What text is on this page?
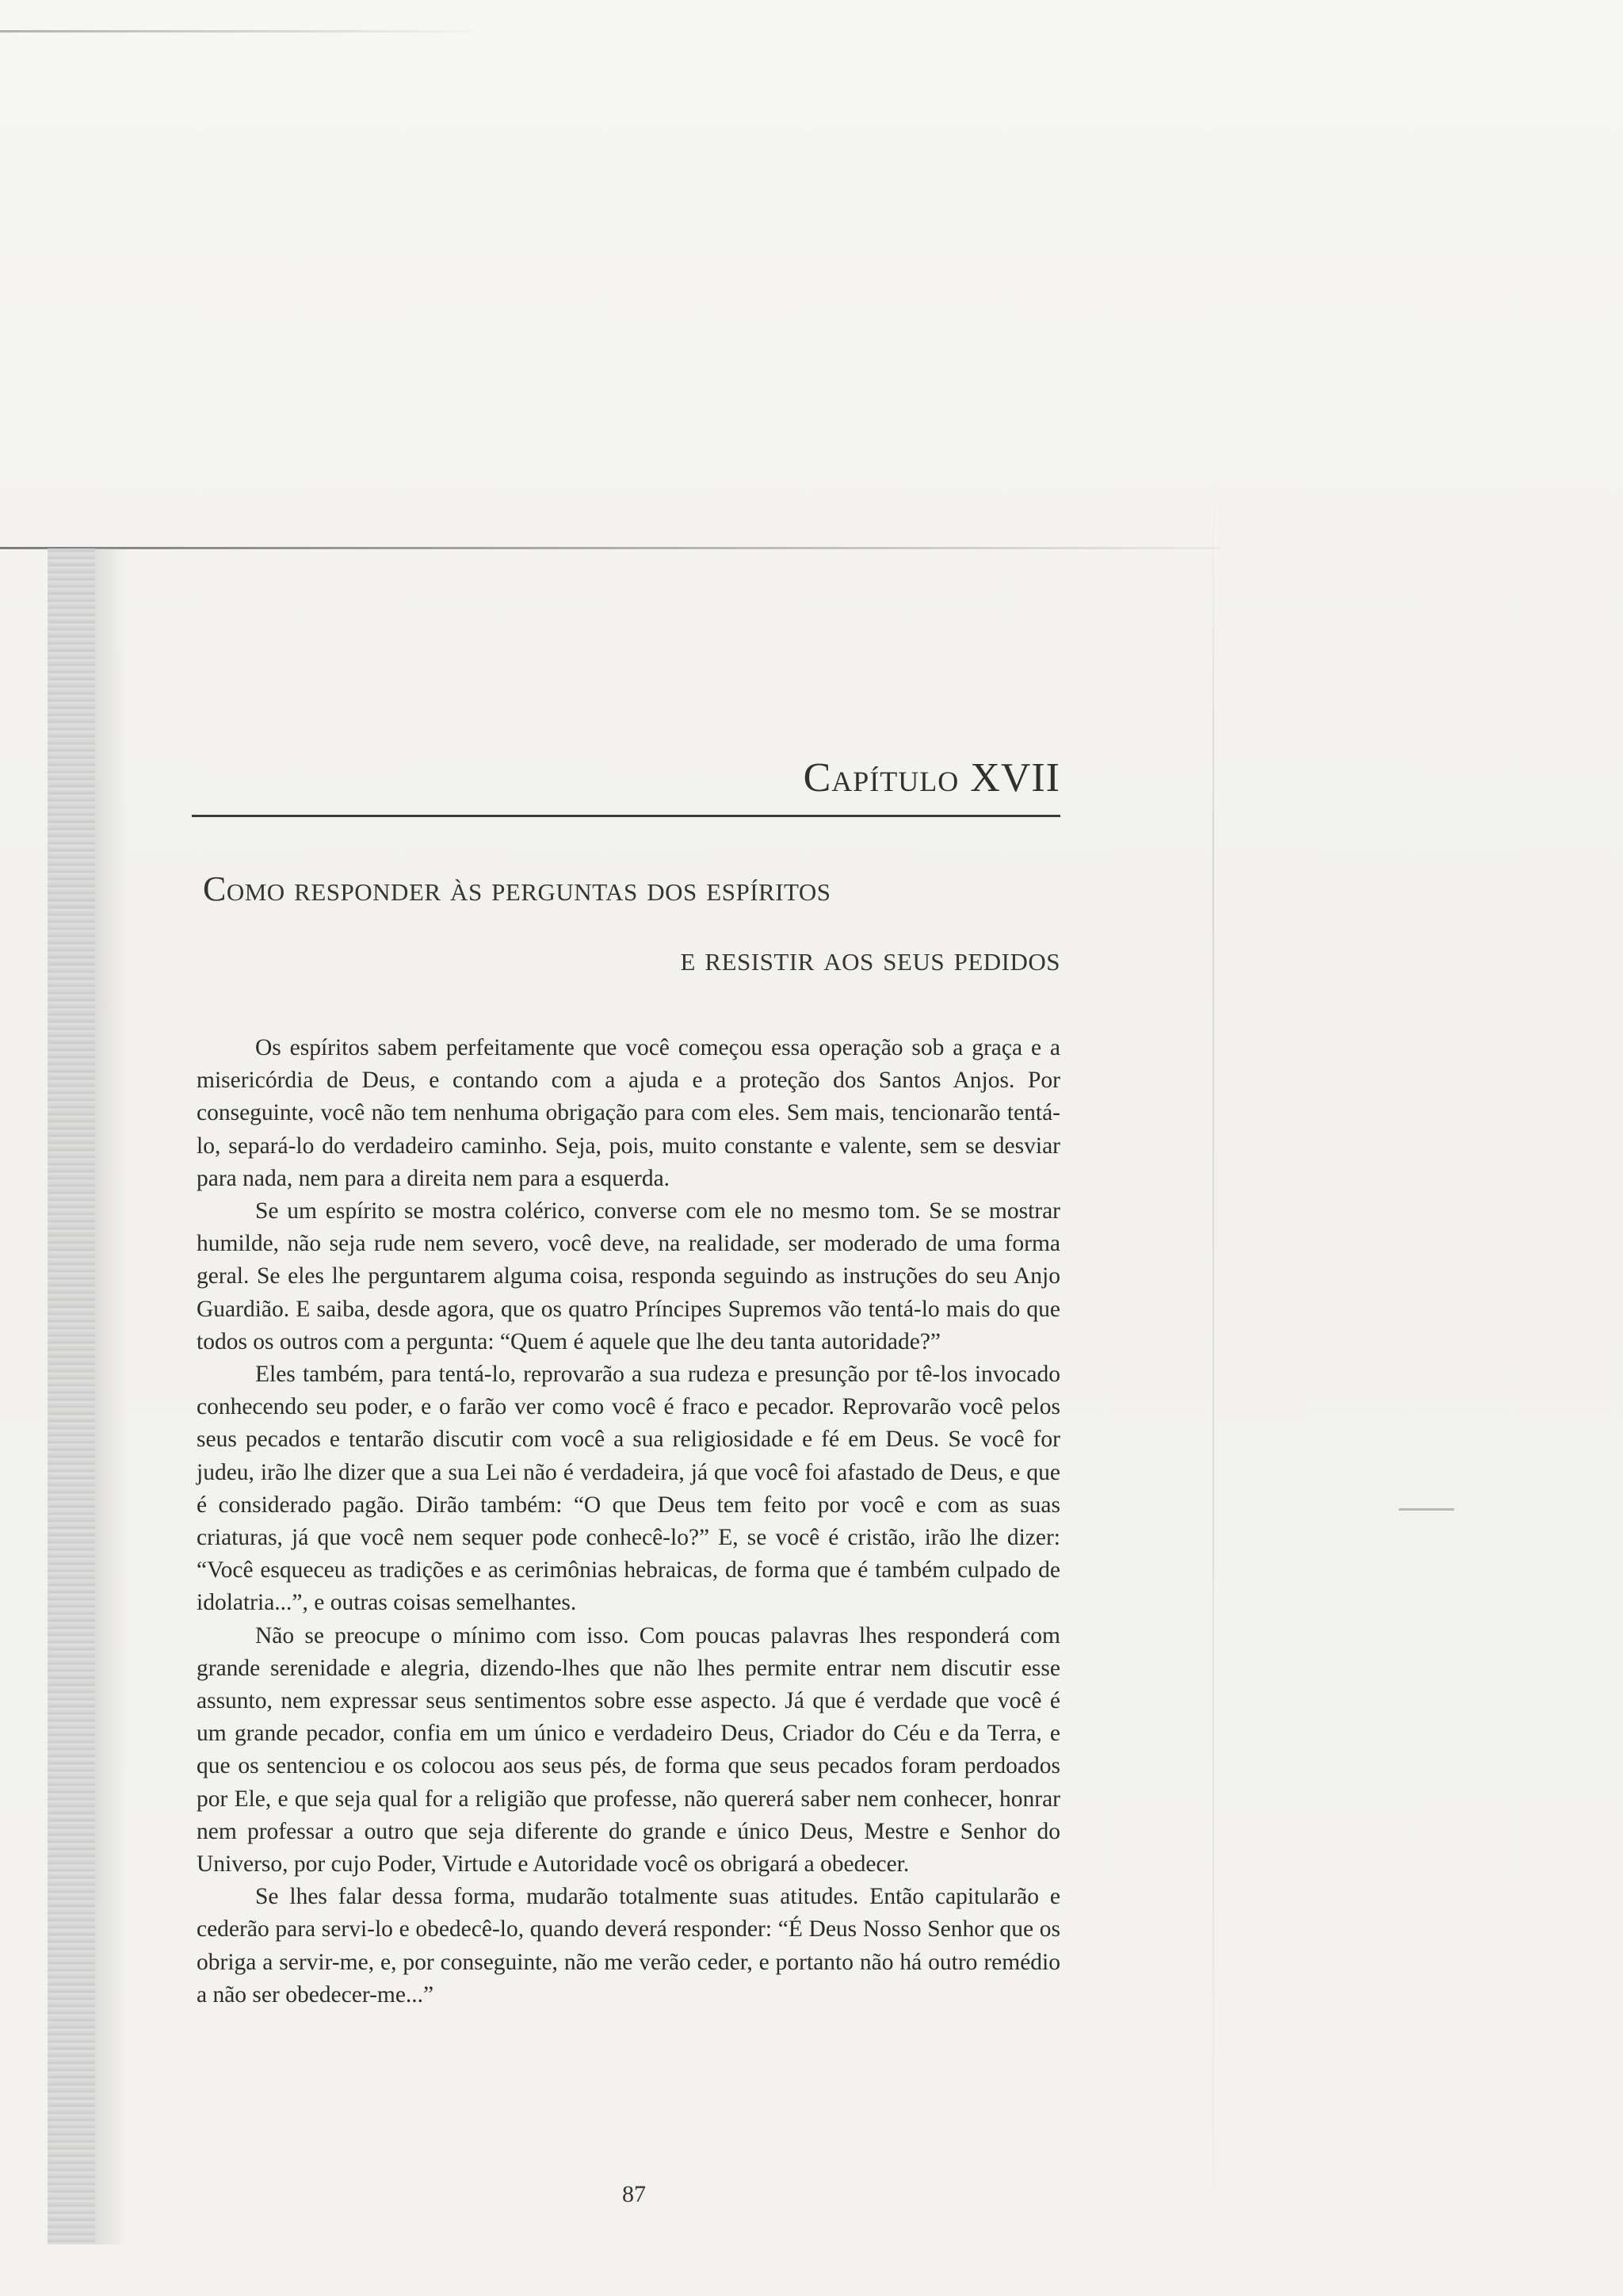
Capítulo XVII
Como responder às perguntas dos espíritos
e resistir aos seus pedidos

Os espíritos sabem perfeitamente que você começou essa operação sob a graça e a misericórdia de Deus, e contando com a ajuda e a proteção dos Santos Anjos. Por conseguinte, você não tem nenhuma obrigação para com eles. Sem mais, tencionarão tentá-lo, separá-lo do verdadeiro caminho. Seja, pois, muito constante e valente, sem se desviar para nada, nem para a direita nem para a esquerda.

Se um espírito se mostra colérico, converse com ele no mesmo tom. Se se mostrar humilde, não seja rude nem severo, você deve, na realidade, ser moderado de uma forma geral. Se eles lhe perguntarem alguma coisa, responda seguindo as instruções do seu Anjo Guardião. E saiba, desde agora, que os quatro Príncipes Supremos vão tentá-lo mais do que todos os outros com a pergunta: “Quem é aquele que lhe deu tanta autoridade?”

Eles também, para tentá-lo, reprovarão a sua rudeza e presunção por tê-los invocado conhecendo seu poder, e o farão ver como você é fraco e pecador. Reprovarão você pelos seus pecados e tentarão discutir com você a sua religiosidade e fé em Deus. Se você for judeu, irão lhe dizer que a sua Lei não é verdadeira, já que você foi afastado de Deus, e que é considerado pagão. Dirão também: “O que Deus tem feito por você e com as suas criaturas, já que você nem sequer pode conhecê-lo?” E, se você é cristão, irão lhe dizer: “Você esqueceu as tradições e as cerimônias hebraicas, de forma que é também culpado de idolatria...”, e outras coisas semelhantes.

Não se preocupe o mínimo com isso. Com poucas palavras lhes responderá com grande serenidade e alegria, dizendo-lhes que não lhes permite entrar nem discutir esse assunto, nem expressar seus sentimentos sobre esse aspecto. Já que é verdade que você é um grande pecador, confia em um único e verdadeiro Deus, Criador do Céu e da Terra, e que os sentenciou e os colocou aos seus pés, de forma que seus pecados foram perdoados por Ele, e que seja qual for a religião que professe, não quererá saber nem conhecer, honrar nem professar a outro que seja diferente do grande e único Deus, Mestre e Senhor do Universo, por cujo Poder, Virtude e Autoridade você os obrigará a obedecer.

Se lhes falar dessa forma, mudarão totalmente suas atitudes. Então capitularão e cederão para servi-lo e obedecê-lo, quando deverá responder: “É Deus Nosso Senhor que os obriga a servir-me, e, por conseguinte, não me verão ceder, e portanto não há outro remédio a não ser obedecer-me...”

87
